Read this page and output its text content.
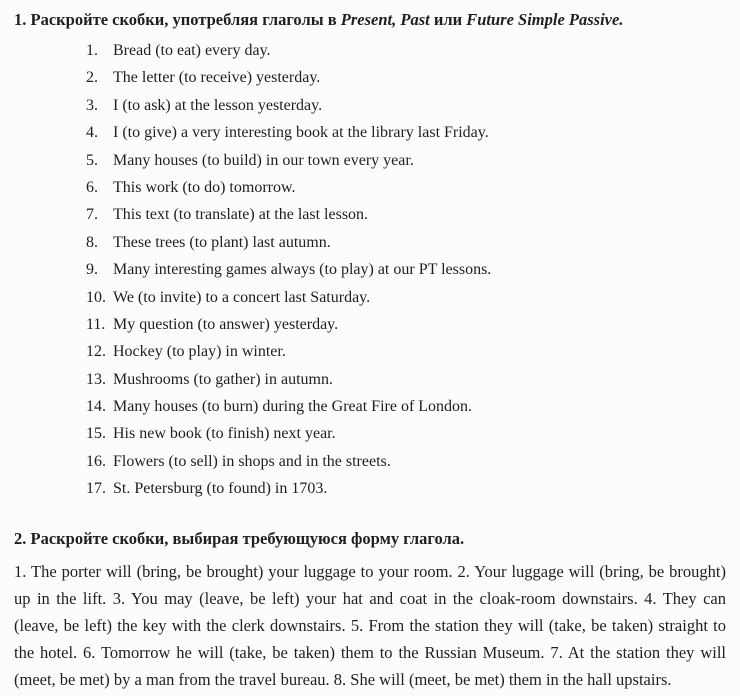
1. Раскройте скобки, употребляя глаголы в Present, Past или Future Simple Passive.
1. Bread (to eat) every day.
2. The letter (to receive) yesterday.
3. I (to ask) at the lesson yesterday.
4. I (to give) a very interesting book at the library last Friday.
5. Many houses (to build) in our town every year.
6. This work (to do) tomorrow.
7. This text (to translate) at the last lesson.
8. These trees (to plant) last autumn.
9. Many interesting games always (to play) at our PT lessons.
10. We (to invite) to a concert last Saturday.
11. My question (to answer) yesterday.
12. Hockey (to play) in winter.
13. Mushrooms (to gather) in autumn.
14. Many houses (to burn) during the Great Fire of London.
15. His new book (to finish) next year.
16. Flowers (to sell) in shops and in the streets.
17. St. Petersburg (to found) in 1703.
2. Раскройте скобки, выбирая требующуюся форму глагола.

1. The porter will (bring, be brought) your luggage to your room. 2. Your luggage will (bring, be brought) up in the lift. 3. You may (leave, be left) your hat and coat in the cloak-room downstairs. 4. They can (leave, be left) the key with the clerk downstairs. 5. From the station they will (take, be taken) straight to the hotel. 6. Tomorrow he will (take, be taken) them to the Russian Museum. 7. At the station they will (meet, be met) by a man from the travel bureau. 8. She will (meet, be met) them in the hall upstairs.
